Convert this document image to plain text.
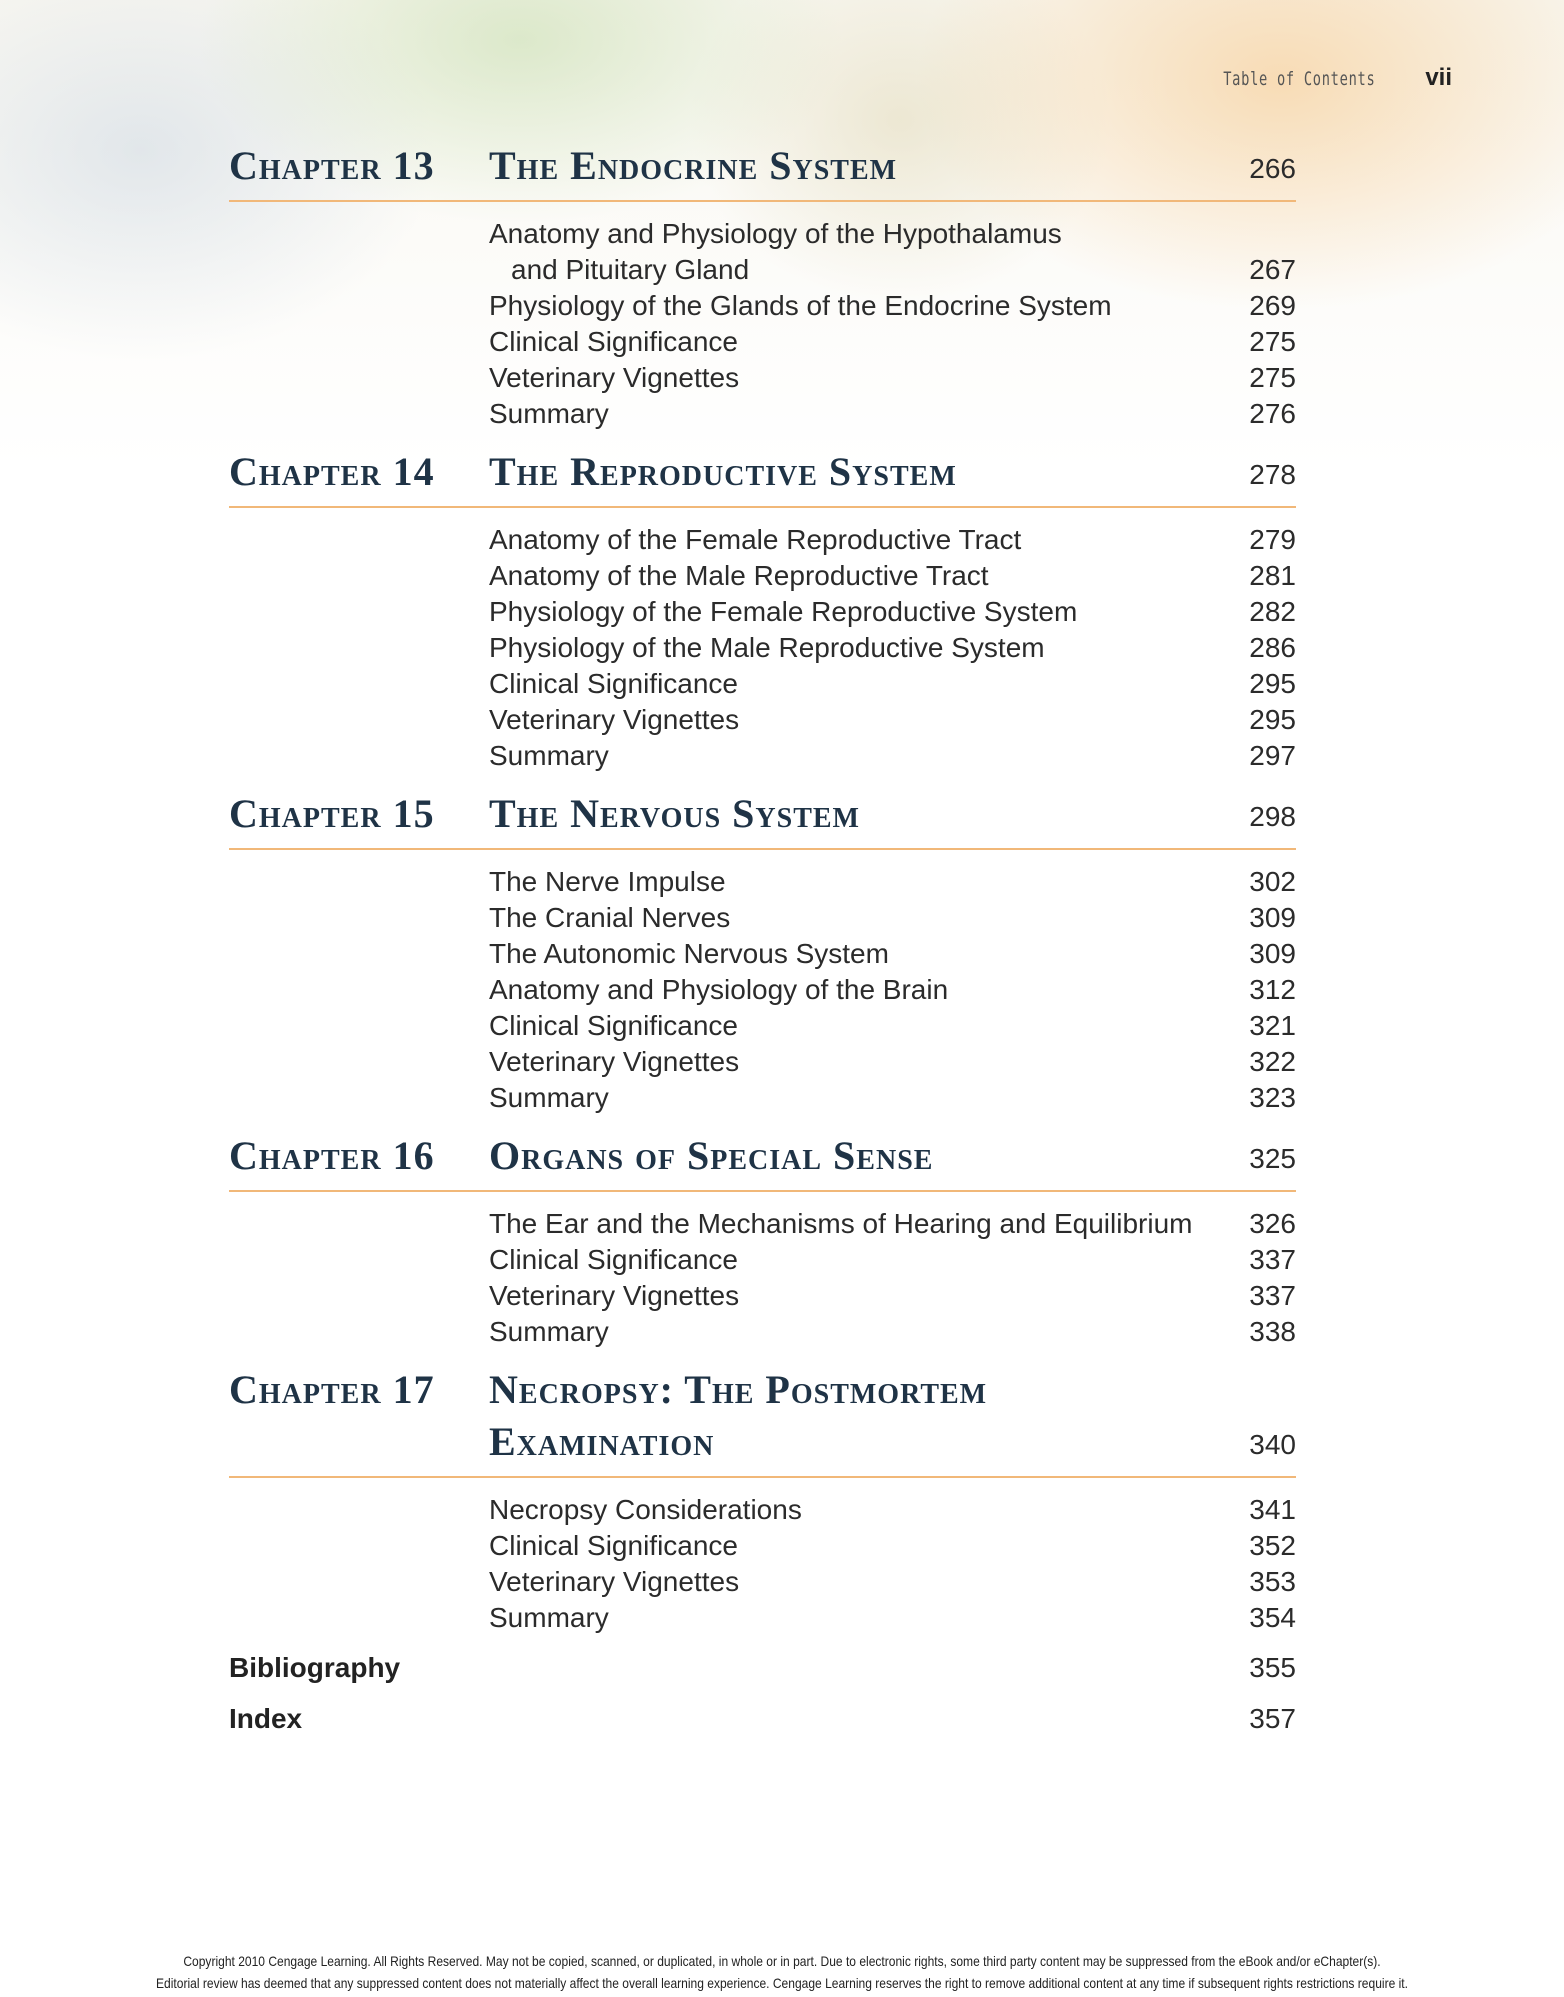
Table of Contents vii
Chapter 13	The Endocrine System	266
Anatomy and Physiology of the Hypothalamus
and Pituitary Gland	267
Physiology of the Glands of the Endocrine System	269
Clinical Significance	275
Veterinary Vignettes	275
Summary	276
Chapter 14	The Reproductive System	278
Anatomy of the Female Reproductive Tract	279
Anatomy of the Male Reproductive Tract	281
Physiology of the Female Reproductive System	282
Physiology of the Male Reproductive System	286
Clinical Significance	295
Veterinary Vignettes	295
Summary	297
Chapter 15	The Nervous System	298
The Nerve Impulse	302
The Cranial Nerves	309
The Autonomic Nervous System	309
Anatomy and Physiology of the Brain	312
Clinical Significance	321
Veterinary Vignettes	322
Summary	323
Chapter 16	Organs of Special Sense	325
The Ear and the Mechanisms of Hearing and Equilibrium	326
Clinical Significance	337
Veterinary Vignettes	337
Summary	338
Chapter 17	Necropsy: The Postmortem
Examination	340
Necropsy Considerations	341
Clinical Significance	352
Veterinary Vignettes	353
Summary	354
Bibliography	355
Index	357
Copyright 2010 Cengage Learning. All Rights Reserved. May not be copied, scanned, or duplicated, in whole or in part. Due to electronic rights, some third party content may be suppressed from the eBook and/or eChapter(s).
Editorial review has deemed that any suppressed content does not materially affect the overall learning experience. Cengage Learning reserves the right to remove additional content at any time if subsequent rights restrictions require it.
